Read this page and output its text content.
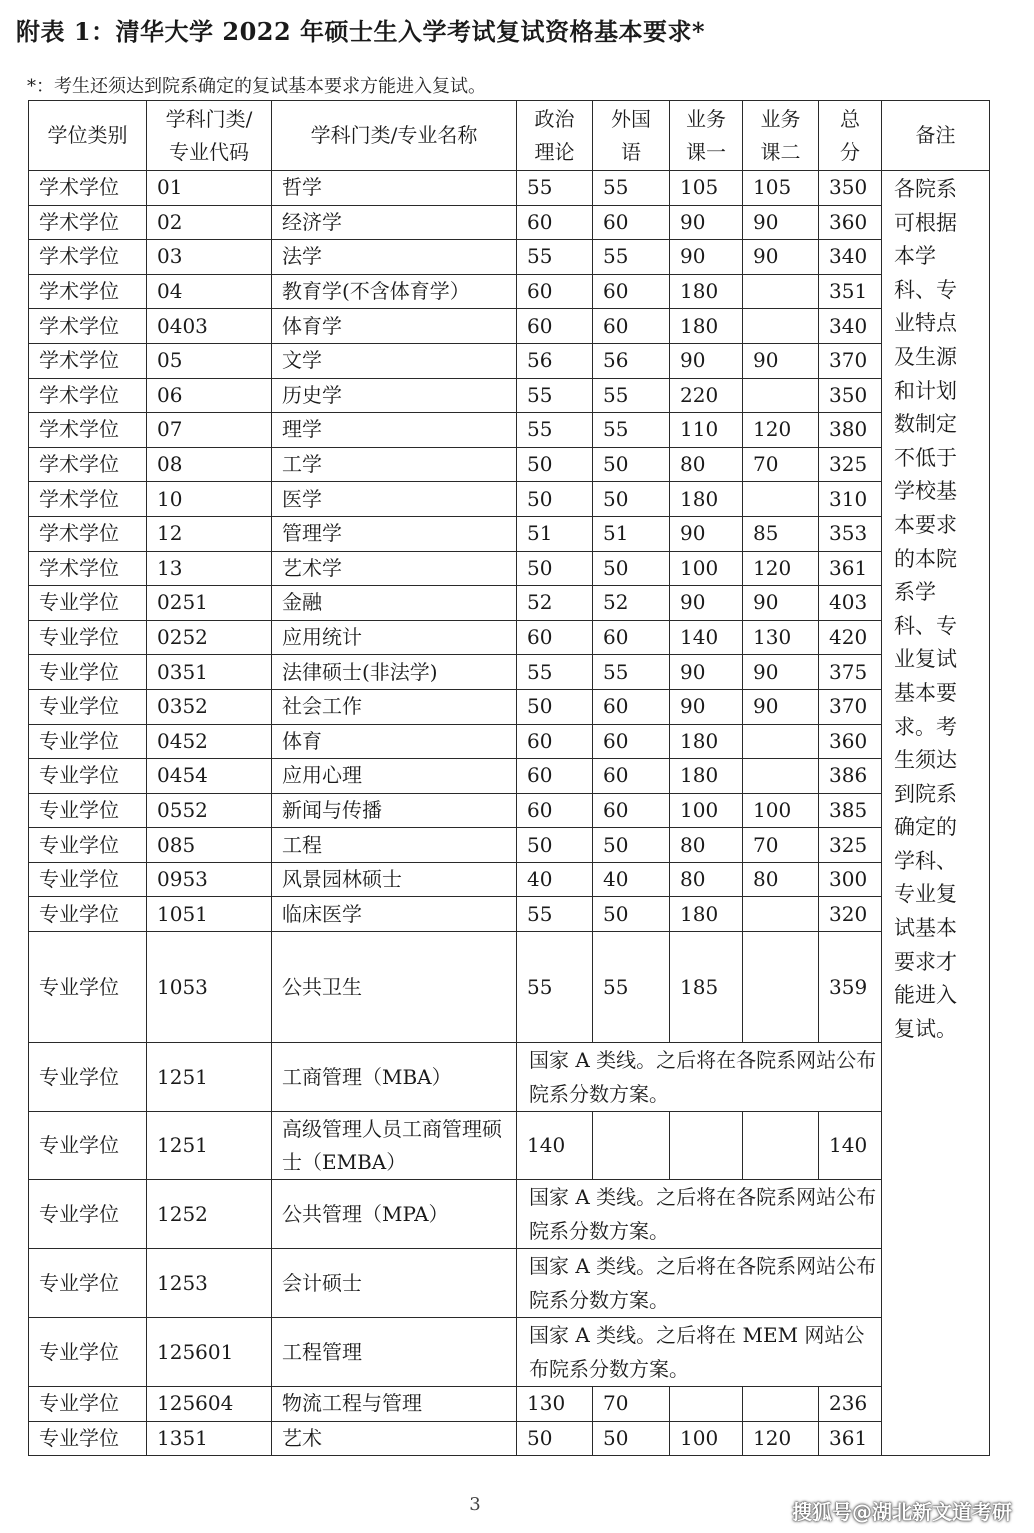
附表 1：清华大学 2022 年硕士生入学考试复试资格基本要求*
*：考生还须达到院系确定的复试基本要求方能进入复试。
学位类别	学科门类/专业代码	学科门类/专业名称	政治理论	外国语	业务课一	业务课二	总分	备注
学术学位	01	哲学	55	55	105	105	350	各院系可根据本学科、专业特点及生源和计划数制定不低于学校基本要求的本院系学科、专业复试基本要求。考生须达到院系确定的学科、专业复试基本要求才能进入复试。
学术学位	02	经济学	60	60	90	90	360	
学术学位	03	法学	55	55	90	90	340	
学术学位	04	教育学(不含体育学）	60	60	180		351	
学术学位	0403	体育学	60	60	180		340	
学术学位	05	文学	56	56	90	90	370	
学术学位	06	历史学	55	55	220		350	
学术学位	07	理学	55	55	110	120	380	
学术学位	08	工学	50	50	80	70	325	
学术学位	10	医学	50	50	180		310	
学术学位	12	管理学	51	51	90	85	353	
学术学位	13	艺术学	50	50	100	120	361	
专业学位	0251	金融	52	52	90	90	403	
专业学位	0252	应用统计	60	60	140	130	420	
专业学位	0351	法律硕士(非法学)	55	55	90	90	375	
专业学位	0352	社会工作	50	60	90	90	370	
专业学位	0452	体育	60	60	180		360	
专业学位	0454	应用心理	60	60	180		386	
专业学位	0552	新闻与传播	60	60	100	100	385	
专业学位	085	工程	50	50	80	70	325	
专业学位	0953	风景园林硕士	40	40	80	80	300	
专业学位	1051	临床医学	55	50	180		320	
专业学位	1053	公共卫生	55	55	185		359	
专业学位	1251	工商管理（MBA）	国家 A 类线。之后将在各院系网站公布院系分数方案。					
专业学位	1251	高级管理人员工商管理硕士（EMBA）	140				140	
专业学位	1252	公共管理（MPA）	国家 A 类线。之后将在各院系网站公布院系分数方案。					
专业学位	1253	会计硕士	国家 A 类线。之后将在各院系网站公布院系分数方案。					
专业学位	125601	工程管理	国家 A 类线。之后将在 MEM 网站公布院系分数方案。					
专业学位	125604	物流工程与管理	130	70			236	
专业学位	1351	艺术	50	50	100	120	361	
3	搜狐号@湖北新文道考研
